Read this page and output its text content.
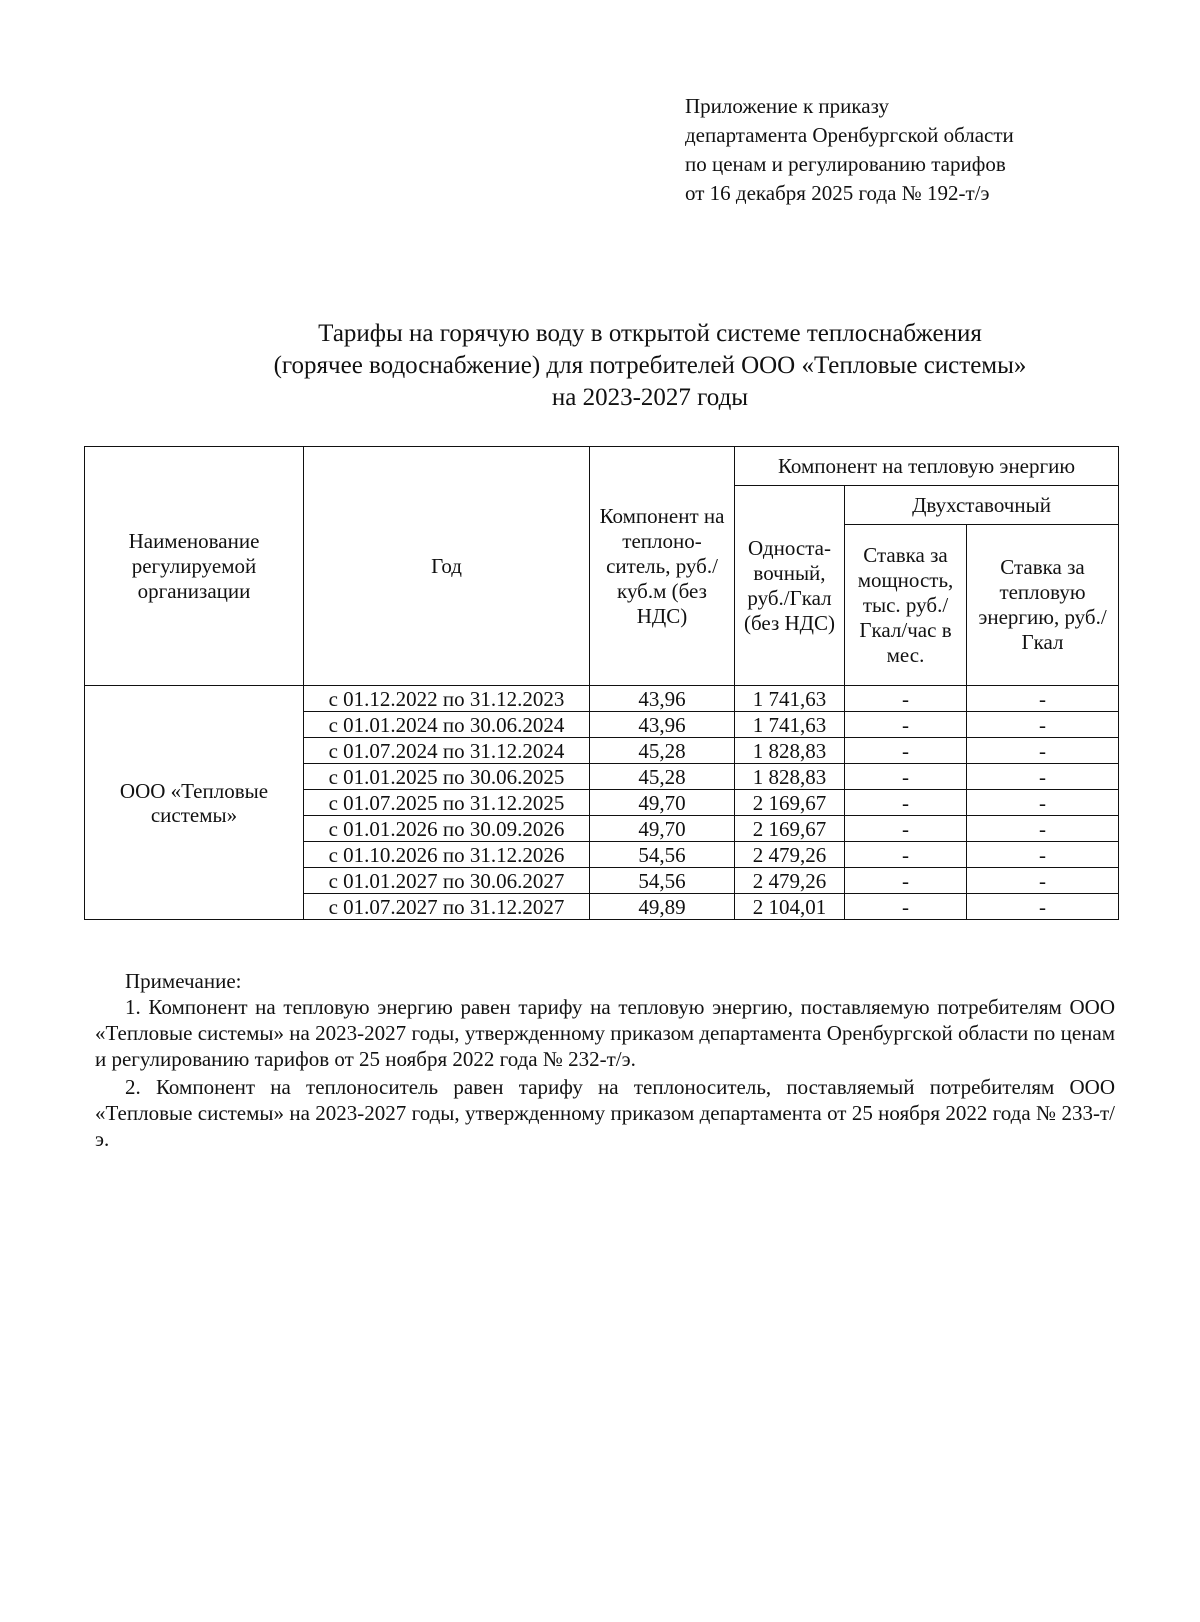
Приложение к приказу
департамента Оренбургской области
по ценам и регулированию тарифов
от 16 декабря 2025 года № 192-т/э
Тарифы на горячую воду в открытой системе теплоснабжения
(горячее водоснабжение) для потребителей ООО «Тепловые системы»
на 2023-2027 годы
Наименование регулируемой организации	Год	Компонент на теплоно-ситель, руб./куб.м (без НДС)	Компонент на тепловую энергию		
			Односта-вочный, руб./Гкал (без НДС)	Двухставочный	
				Ставка за мощность, тыс. руб./ Гкал/час в мес.	Ставка за тепловую энергию, руб./Гкал
ООО «Тепловые системы»	с 01.12.2022 по 31.12.2023	43,96	1 741,63	-	-
	с 01.01.2024 по 30.06.2024	43,96	1 741,63	-	-
	с 01.07.2024 по 31.12.2024	45,28	1 828,83	-	-
	с 01.01.2025 по 30.06.2025	45,28	1 828,83	-	-
	с 01.07.2025 по 31.12.2025	49,70	2 169,67	-	-
	с 01.01.2026 по 30.09.2026	49,70	2 169,67	-	-
	с 01.10.2026 по 31.12.2026	54,56	2 479,26	-	-
	с 01.01.2027 по 30.06.2027	54,56	2 479,26	-	-
	с 01.07.2027 по 31.12.2027	49,89	2 104,01	-	-
Примечание:

1. Компонент на тепловую энергию равен тарифу на тепловую энергию, поставляемую потребителям ООО «Тепловые системы» на 2023-2027 годы, утвержденному приказом департамента Оренбургской области по ценам и регулированию тарифов от 25 ноября 2022 года № 232-т/э.

2. Компонент на теплоноситель равен тарифу на теплоноситель, поставляемый потребителям ООО «Тепловые системы» на 2023-2027 годы, утвержденному приказом департамента от 25 ноября 2022 года № 233-т/э.
